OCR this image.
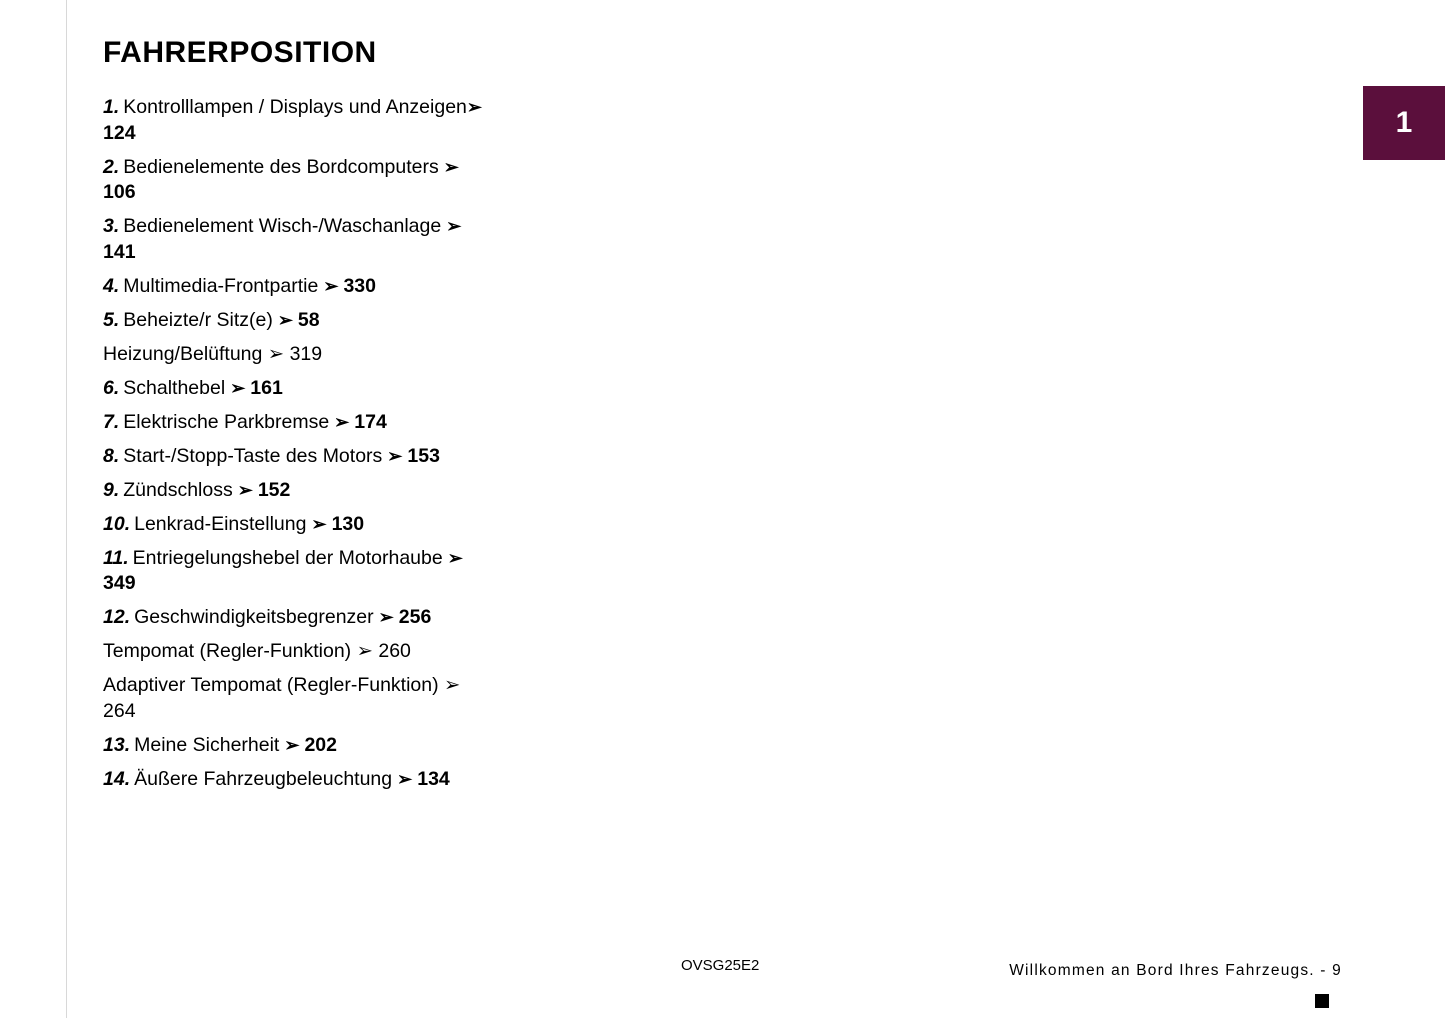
1
FAHRERPOSITION
1. Kontrolllampen / Displays und Anzeigen➢ 124
2. Bedienelemente des Bordcomputers ➢ 106
3. Bedienelement Wisch-/Waschanlage ➢ 141
4. Multimedia-Frontpartie ➢ 330
5. Beheizte/r Sitz(e) ➢ 58
Heizung/Belüftung ➢ 319
6. Schalthebel ➢ 161
7. Elektrische Parkbremse ➢ 174
8. Start-/Stopp-Taste des Motors ➢ 153
9. Zündschloss ➢ 152
10. Lenkrad-Einstellung ➢ 130
11. Entriegelungshebel der Motorhaube ➢ 349
12. Geschwindigkeitsbegrenzer ➢ 256
Tempomat (Regler-Funktion) ➢ 260
Adaptiver Tempomat (Regler-Funktion) ➢ 264
13. Meine Sicherheit ➢ 202
14. Äußere Fahrzeugbeleuchtung ➢ 134
OVSG25E2	Willkommen an Bord Ihres Fahrzeugs. - 9
